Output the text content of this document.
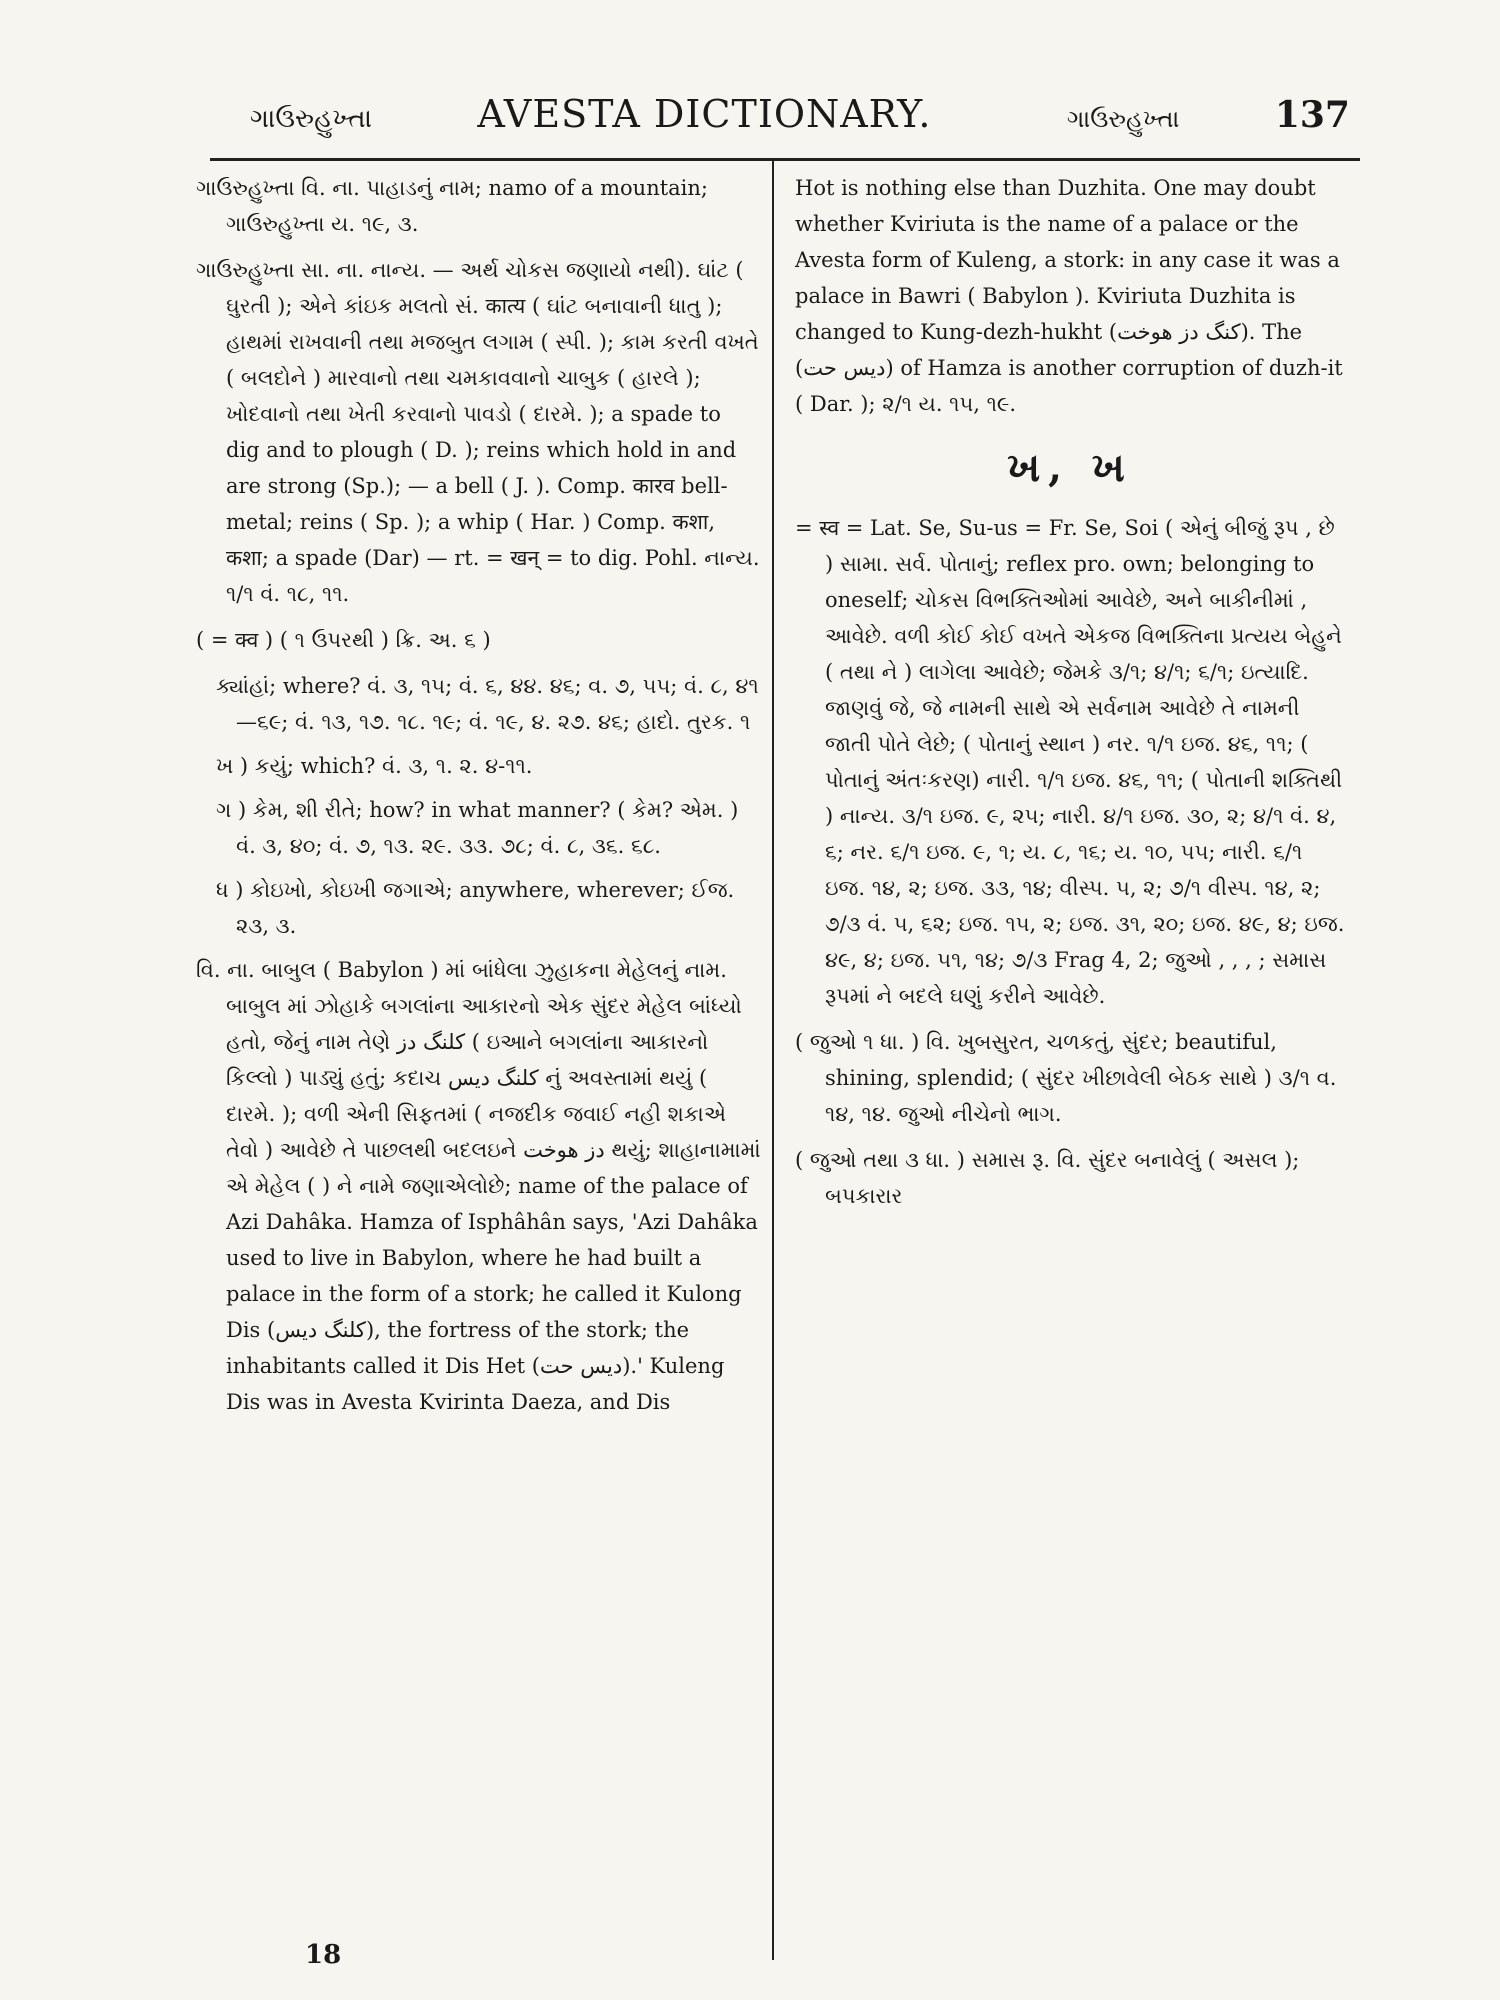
ગાઉરુહુખ્તા	AVESTA DICTIONARY.	ગાઉરુહુખ્તા	137

ગાઉરુહુખ્તા વિ. ના. પાહાડનું નામ; namo of a mountain; ગાઉરુહુખ્તા ય. ૧૯, ૩.

ગાઉરુહુખ્તા સા. ના. નાન્ય. — અર્થ ચોકસ જણાયો નથી). ઘાંટ ( ઘુરતી ); એને કાંઇક મલતો સં. कात्य ( ઘાંટ બનાવાની ધાતુ ); હાથમાં રાખવાની તથા મજબુત લગામ ( સ્પી. ); કામ કરતી વખતે ( બલદોને ) મારવાનો તથા ચમકાવવાનો ચાબુક ( હારલે ); ખોદવાનો તથા ખેતી કરવાનો પાવડો ( દારમે. ); a spade to dig and to plough ( D. ); reins which hold in and are strong (Sp.); — a bell ( J. ). Comp. कारव bell-metal; reins ( Sp. ); a whip ( Har. ) Comp. कशा, कशा; a spade (Dar) — rt. = खन् = to dig. Pohl. નાન્ય. ૧/૧ વં. ૧૮, ૧૧.

( = क्व ) ( ૧ ઉપરથી ) ક્રિ. અ. ૬ )

ક્યાંહાં; where? વં. ૩, ૧૫; વં. ૬, ૪૪. ૪૬; વ. ૭, ૫૫; વં. ૮, ૪૧—૬૯; વં. ૧૩, ૧૭. ૧૮. ૧૯; વં. ૧૯, ૪. ૨૭. ૪૬; હાદો. તુરક. ૧

ખ ) કયું; which? વં. ૩, ૧. ૨. ૪-૧૧.

ગ ) કેમ, શી રીતે; how? in what manner? ( કેમ? એમ. ) વં. ૩, ૪૦; વં. ૭, ૧૩. ૨૯. ૩૩. ૭૮; વં. ૮, ૩૬. ૬૮.

ધ ) કોઇખો, કોઇખી જગાએ; anywhere, wherever; ઈજ. ૨૩, ૩.

વિ. ના. બાબુલ ( Babylon ) માં બાંધેલા ઝુહાકના મેહેલનું નામ. બાબુલ માં ઝોહાકે બગલાંના આકારનો એક સુંદર મેહેલ બાંધ્યો હતો, જેનું નામ તેણે کلنگ دز ( ઇઆને બગલાંના આકારનો કિલ્લો ) પાડ્યું હતું; કદાચ کلنگ دیس નું અવસ્તામાં થયું ( દારમે. ); વળી એની સિફતમાં ( નજદીક જવાઈ નહી શકાએ તેવો ) આવેછે તે પાછલથી બદલઇને دز هوخت થયું; શાહાનામામાં એ મેહેલ ( ) ને નામે જણાએલોછે; name of the palace of Azi Dahâka. Hamza of Isphâhân says, 'Azi Dahâka used to live in Babylon, where he had built a palace in the form of a stork; he called it Kulong Dis (کلنگ دیس), the fortress of the stork; the inhabitants called it Dis Het (دیس حت).' Kuleng Dis was in Avesta Kvirinta Daeza, and Dis

Hot is nothing else than Duzhita. One may doubt whether Kviriuta is the name of a palace or the Avesta form of Kuleng, a stork: in any case it was a palace in Bawri ( Babylon ). Kviriuta Duzhita is changed to Kung-dezh-hukht (کنگ دز هوخت). The (دیس حت) of Hamza is another corruption of duzh-it ( Dar. ); ૨/૧ ય. ૧૫, ૧૯.

ખ, ખ

= स्व = Lat. Se, Su-us = Fr. Se, Soi ( એનું બીજું રૂપ , છે ) સામા. સર્વ. પોતાનું; reflex pro. own; belonging to oneself; ચોકસ વિભક્તિઓમાં આવેછે, અને બાકીનીમાં , આવેછે. વળી કોઈ કોઈ વખતે એકજ વિભક્તિના પ્રત્યય બેહુને ( તથા ને ) લાગેલા આવેછે; જેમકે ૩/૧; ૪/૧; ૬/૧; ઇત્યાદિ. જાણવું જે, જે નામની સાથે એ સર્વનામ આવેછે તે નામની જાતી પોતે લેછે; ( પોતાનું સ્થાન ) નર. ૧/૧ ઇજ. ૪૬, ૧૧; ( પોતાનું અંતઃકરણ) નારી. ૧/૧ ઇજ. ૪૬, ૧૧; ( પોતાની શક્તિથી ) નાન્ય. ૩/૧ ઇજ. ૯, ૨૫; નારી. ૪/૧ ઇજ. ૩૦, ૨; ૪/૧ વં. ૪, ૬; નર. ૬/૧ ઇજ. ૯, ૧; ય. ૮, ૧૬; ય. ૧૦, ૫૫; નારી. ૬/૧ ઇજ. ૧૪, ૨; ઇજ. ૩૩, ૧૪; વીસ્પ. ૫, ૨; ૭/૧ વીસ્પ. ૧૪, ૨; ૭/૩ વં. ૫, ૬૨; ઇજ. ૧૫, ૨; ઇજ. ૩૧, ૨૦; ઇજ. ૪૯, ૪; ઇજ. ૪૯, ૪; ઇજ. ૫૧, ૧૪; ૭/૩ Frag 4, 2; જુઓ , , , ; સમાસ રૂપમાં ને બદલે ઘણું કરીને આવેછે.

( જુઓ ૧ ધા. ) વિ. ખુબસુરત, ચળકતું, સુંદર; beautiful, shining, splendid; ( સુંદર ખીછાવેલી બેઠક સાથે ) ૩/૧ વ. ૧૪, ૧૪. જુઓ નીચેનો ભાગ.

( જુઓ તથા ૩ ધા. ) સમાસ રૂ. વિ. સુંદર બનાવેલું ( અસલ ); બપકારાર

18
